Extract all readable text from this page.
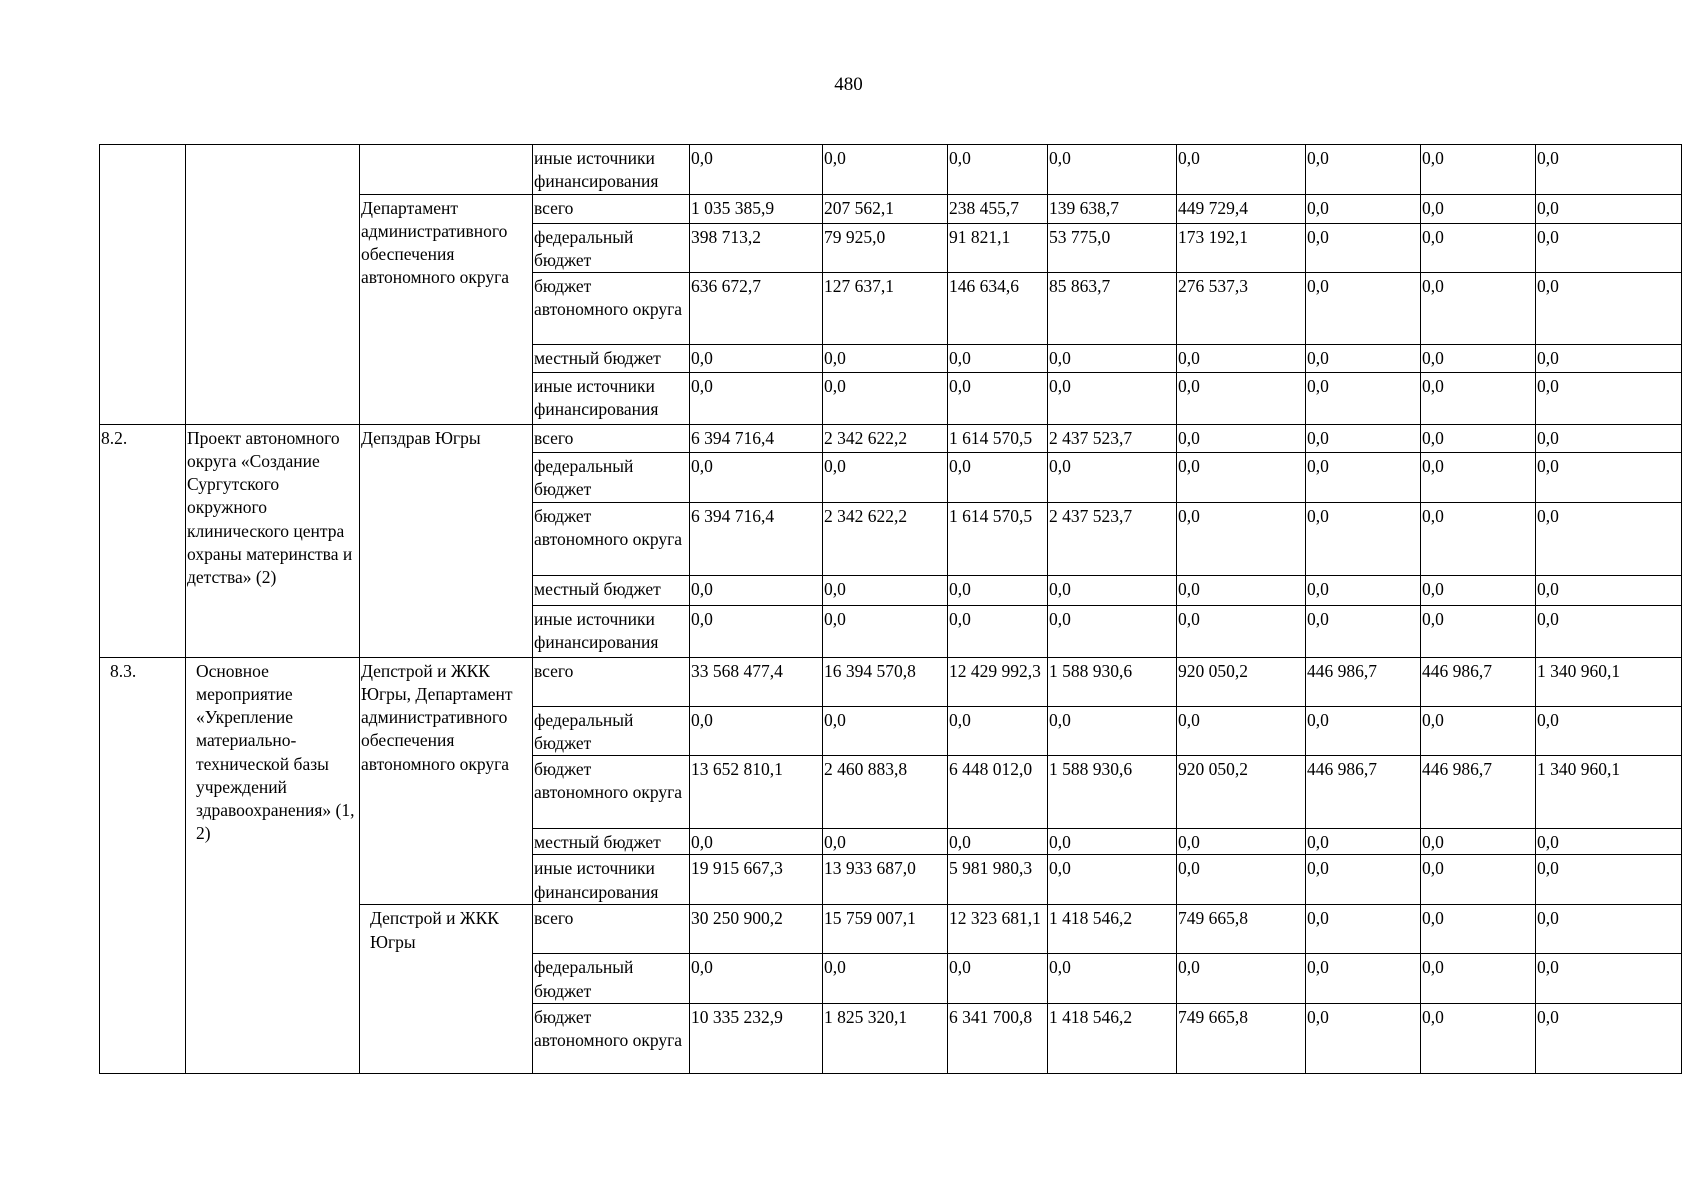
480
			иные источники финансирования	0,0	0,0	0,0	0,0	0,0	0,0	0,0	0,0
		Департамент административного обеспечения автономного округа	всего	1 035 385,9	207 562,1	238 455,7	139 638,7	449 729,4	0,0	0,0	0,0
			федеральный бюджет	398 713,2	79 925,0	91 821,1	53 775,0	173 192,1	0,0	0,0	0,0
			бюджет автономного округа	636 672,7	127 637,1	146 634,6	85 863,7	276 537,3	0,0	0,0	0,0
			местный бюджет	0,0	0,0	0,0	0,0	0,0	0,0	0,0	0,0
			иные источники финансирования	0,0	0,0	0,0	0,0	0,0	0,0	0,0	0,0
8.2.	Проект автономного округа «Создание Сургутского окружного клинического центра охраны материнства и детства» (2)	Депздрав Югры	всего	6 394 716,4	2 342 622,2	1 614 570,5	2 437 523,7	0,0	0,0	0,0	0,0
			федеральный бюджет	0,0	0,0	0,0	0,0	0,0	0,0	0,0	0,0
			бюджет автономного округа	6 394 716,4	2 342 622,2	1 614 570,5	2 437 523,7	0,0	0,0	0,0	0,0
			местный бюджет	0,0	0,0	0,0	0,0	0,0	0,0	0,0	0,0
			иные источники финансирования	0,0	0,0	0,0	0,0	0,0	0,0	0,0	0,0
8.3.	Основное мероприятие «Укрепление материально-технической базы учреждений здравоохранения» (1, 2)	Депстрой и ЖКК Югры, Департамент административного обеспечения автономного округа	всего	33 568 477,4	16 394 570,8	12 429 992,3	1 588 930,6	920 050,2	446 986,7	446 986,7	1 340 960,1
			федеральный бюджет	0,0	0,0	0,0	0,0	0,0	0,0	0,0	0,0
			бюджет автономного округа	13 652 810,1	2 460 883,8	6 448 012,0	1 588 930,6	920 050,2	446 986,7	446 986,7	1 340 960,1
			местный бюджет	0,0	0,0	0,0	0,0	0,0	0,0	0,0	0,0
			иные источники финансирования	19 915 667,3	13 933 687,0	5 981 980,3	0,0	0,0	0,0	0,0	0,0
		Депстрой и ЖКК Югры	всего	30 250 900,2	15 759 007,1	12 323 681,1	1 418 546,2	749 665,8	0,0	0,0	0,0
			федеральный бюджет	0,0	0,0	0,0	0,0	0,0	0,0	0,0	0,0
			бюджет автономного округа	10 335 232,9	1 825 320,1	6 341 700,8	1 418 546,2	749 665,8	0,0	0,0	0,0
